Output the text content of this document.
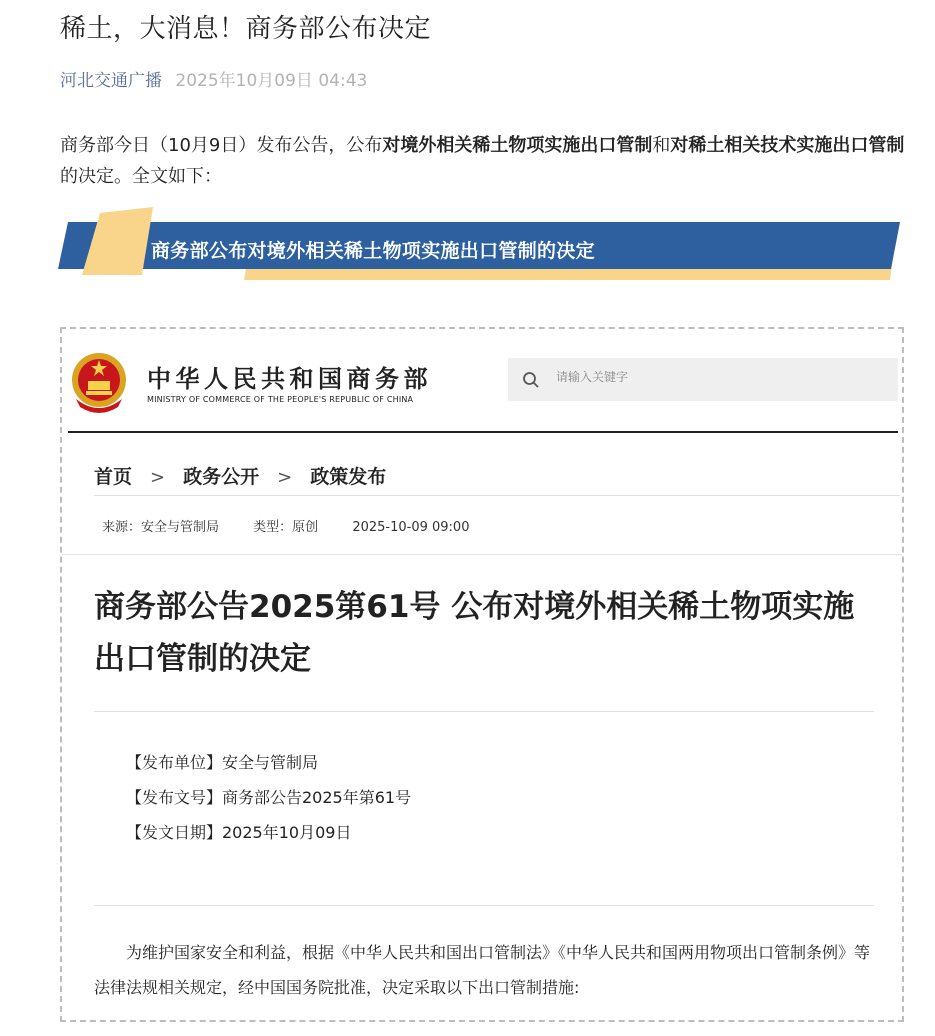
稀土，大消息！商务部公布决定
河北交通广播 2025年10月09日 04:43
商务部今日（10月9日）发布公告，公布对境外相关稀土物项实施出口管制和对稀土相关技术实施出口管制的决定。全文如下：
商务部公布对境外相关稀土物项实施出口管制的决定
中华人民共和国商务部
MINISTRY OF COMMERCE OF THE PEOPLE'S REPUBLIC OF CHINA
请输入关键字
首页 > 政务公开 > 政策发布
来源：安全与管制局	类型：原创	2025-10-09 09:00
商务部公告2025第61号 公布对境外相关稀土物项实施出口管制的决定
【发布单位】安全与管制局
【发布文号】商务部公告2025年第61号
【发文日期】2025年10月09日
为维护国家安全和利益，根据《中华人民共和国出口管制法》《中华人民共和国两用物项出口管制条例》等法律法规相关规定，经中国国务院批准，决定采取以下出口管制措施:
